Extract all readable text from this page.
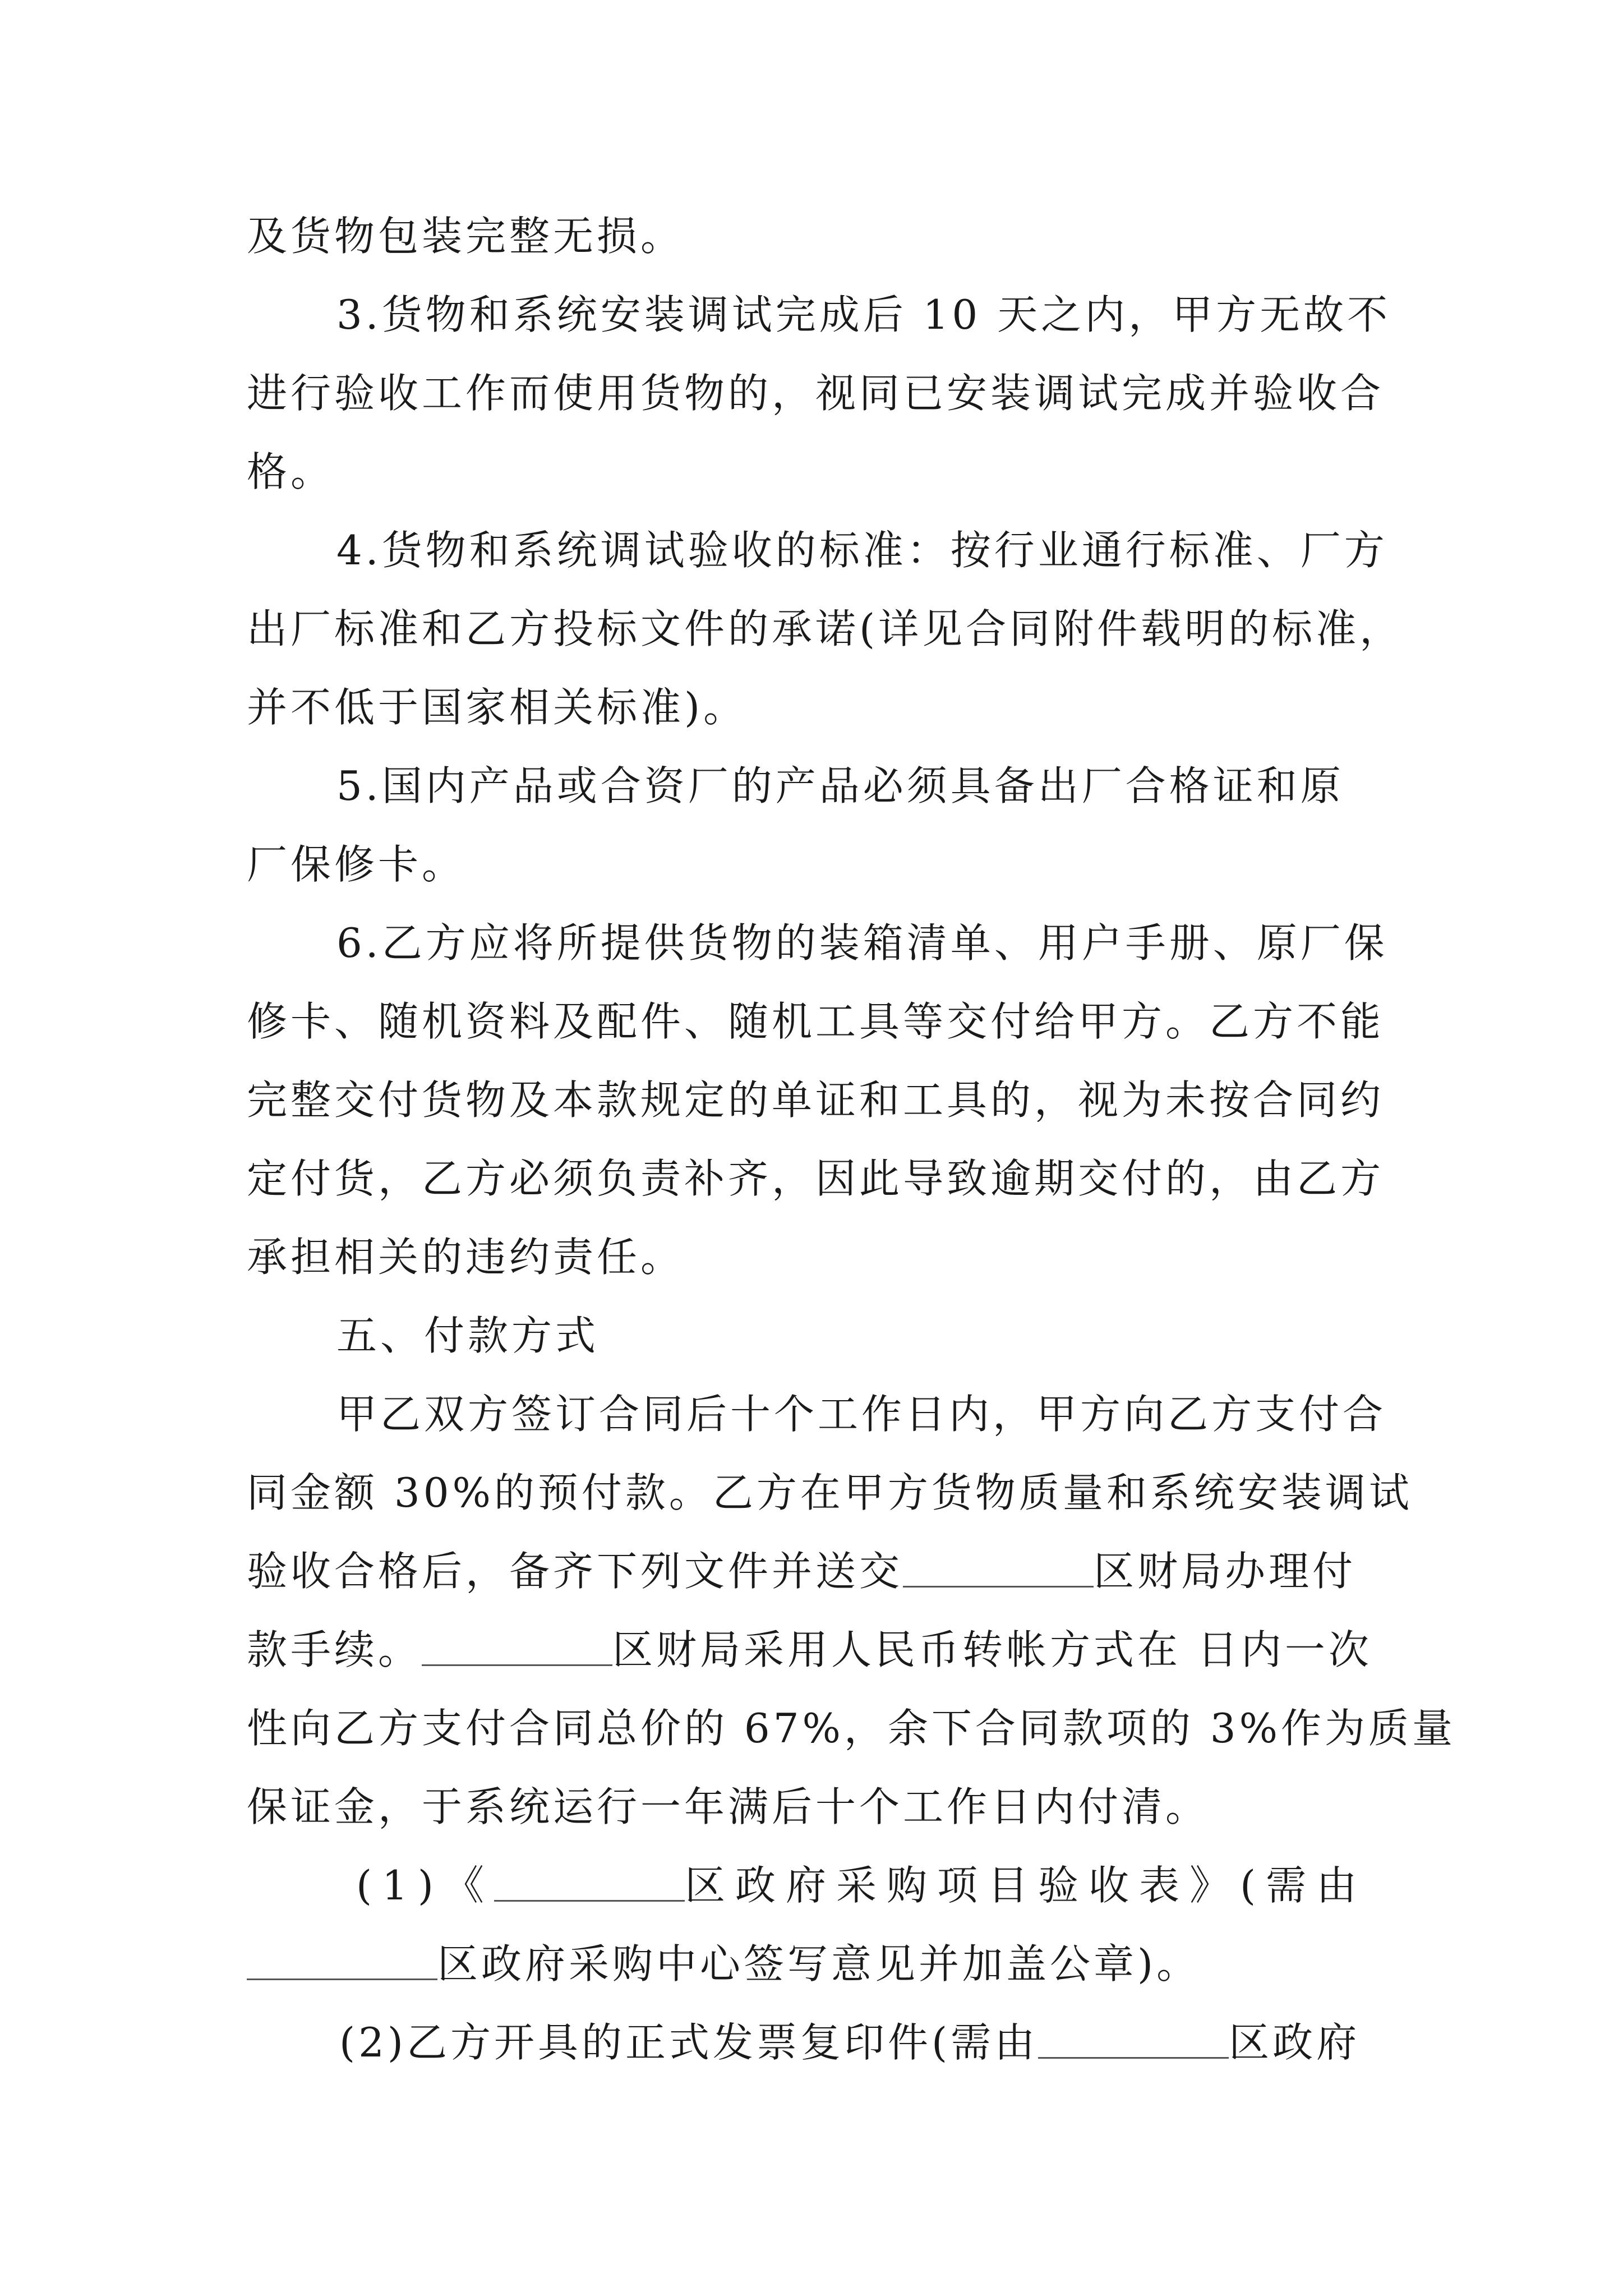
及货物包装完整无损。
3.货物和系统安装调试完成后 10 天之内，甲方无故不
进行验收工作而使用货物的，视同已安装调试完成并验收合
格。
4.货物和系统调试验收的标准：按行业通行标准、厂方
出厂标准和乙方投标文件的承诺(详见合同附件载明的标准，
并不低于国家相关标准)。
5.国内产品或合资厂的产品必须具备出厂合格证和原
厂保修卡。
6.乙方应将所提供货物的装箱清单、用户手册、原厂保
修卡、随机资料及配件、随机工具等交付给甲方。乙方不能
完整交付货物及本款规定的单证和工具的，视为未按合同约
定付货，乙方必须负责补齐，因此导致逾期交付的，由乙方
承担相关的违约责任。
五、付款方式
甲乙双方签订合同后十个工作日内，甲方向乙方支付合
同金额 30%的预付款。乙方在甲方货物质量和系统安装调试
验收合格后，备齐下列文件并送交	区财局办理付
款手续。	区财局采用人民币转帐方式在 日内一次
性向乙方支付合同总价的 67%，余下合同款项的 3%作为质量
保证金，于系统运行一年满后十个工作日内付清。
(1)《	区政府采购项目验收表》(需由
区政府采购中心签写意见并加盖公章)。
(2)乙方开具的正式发票复印件(需由	区政府
